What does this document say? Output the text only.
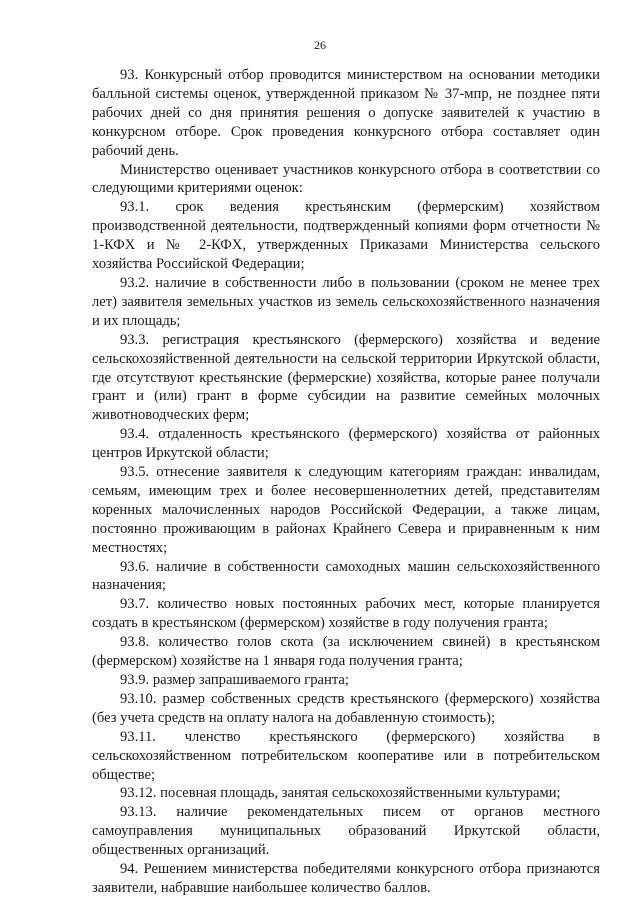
26

93. Конкурсный отбор проводится министерством на основании методики балльной системы оценок, утвержденной приказом № 37-мпр, не позднее пяти рабочих дней со дня принятия решения о допуске заявителей к участию в конкурсном отборе. Срок проведения конкурсного отбора составляет один рабочий день.

Министерство оценивает участников конкурсного отбора в соответствии со следующими критериями оценок:

93.1. срок ведения крестьянским (фермерским) хозяйством производственной деятельности, подтвержденный копиями форм отчетности № 1-КФХ и № 2-КФХ, утвержденных Приказами Министерства сельского хозяйства Российской Федерации;

93.2. наличие в собственности либо в пользовании (сроком не менее трех лет) заявителя земельных участков из земель сельскохозяйственного назначения и их площадь;

93.3. регистрация крестьянского (фермерского) хозяйства и ведение сельскохозяйственной деятельности на сельской территории Иркутской области, где отсутствуют крестьянские (фермерские) хозяйства, которые ранее получали грант и (или) грант в форме субсидии на развитие семейных молочных животноводческих ферм;

93.4. отдаленность крестьянского (фермерского) хозяйства от районных центров Иркутской области;

93.5. отнесение заявителя к следующим категориям граждан: инвалидам, семьям, имеющим трех и более несовершеннолетних детей, представителям коренных малочисленных народов Российской Федерации, а также лицам, постоянно проживающим в районах Крайнего Севера и приравненным к ним местностях;

93.6. наличие в собственности самоходных машин сельскохозяйственного назначения;

93.7. количество новых постоянных рабочих мест, которые планируется создать в крестьянском (фермерском) хозяйстве в году получения гранта;

93.8. количество голов скота (за исключением свиней) в крестьянском (фермерском) хозяйстве на 1 января года получения гранта;

93.9. размер запрашиваемого гранта;

93.10. размер собственных средств крестьянского (фермерского) хозяйства (без учета средств на оплату налога на добавленную стоимость);

93.11. членство крестьянского (фермерского) хозяйства в сельскохозяйственном потребительском кооперативе или в потребительском обществе;

93.12. посевная площадь, занятая сельскохозяйственными культурами;

93.13. наличие рекомендательных писем от органов местного самоуправления муниципальных образований Иркутской области, общественных организаций.

94. Решением министерства победителями конкурсного отбора признаются заявители, набравшие наибольшее количество баллов.
